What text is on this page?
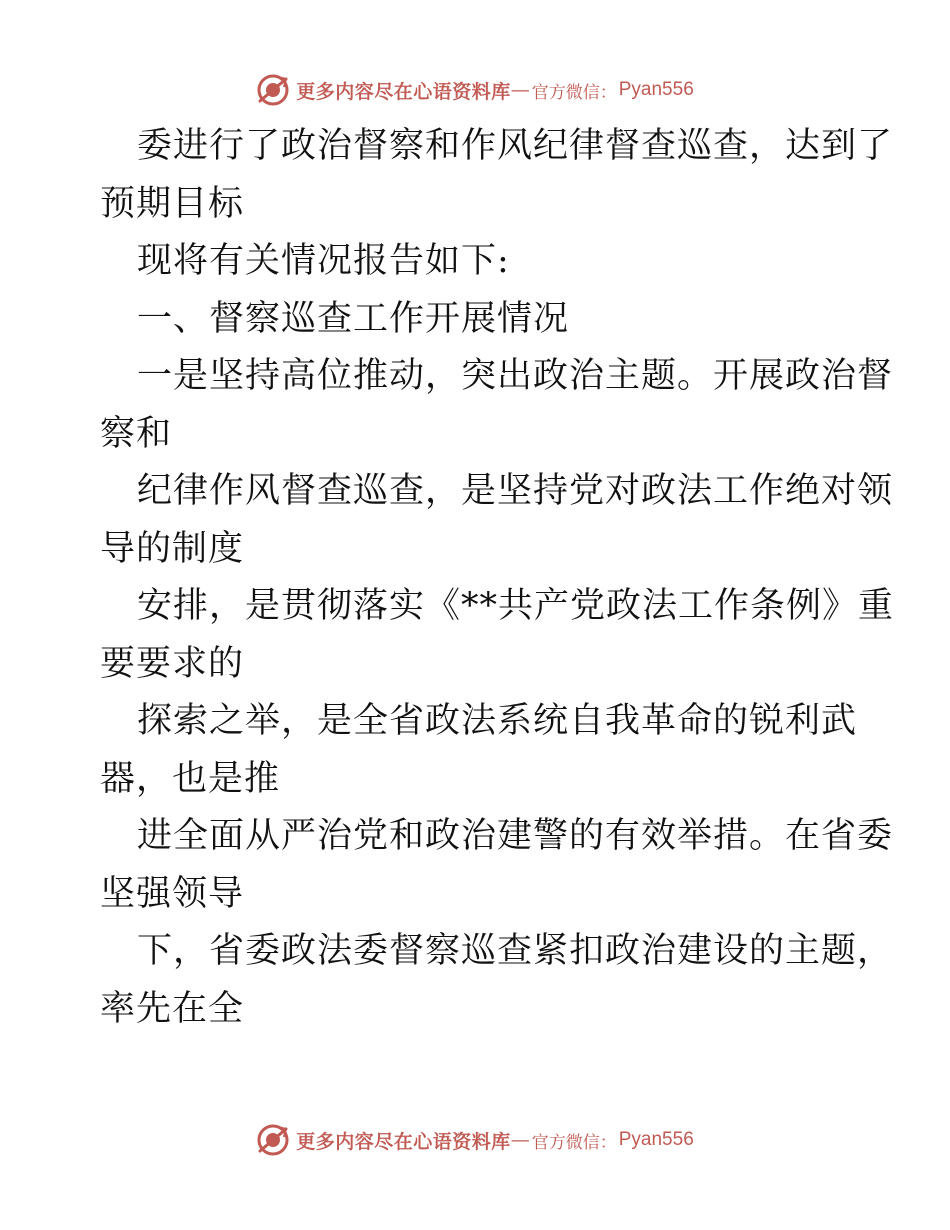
更多内容尽在心语资料库 — 官方微信： Pyan556
委进行了政治督察和作风纪律督查巡查，达到了
预期目标
现将有关情况报告如下:
一、督察巡查工作开展情况
一是坚持高位推动，突出政治主题。开展政治督
察和
纪律作风督查巡查，是坚持党对政法工作绝对领
导的制度
安排，是贯彻落实《**共产党政法工作条例》重
要要求的
探索之举，是全省政法系统自我革命的锐利武
器，也是推
进全面从严治党和政治建警的有效举措。在省委
坚强领导
下，省委政法委督察巡查紧扣政治建设的主题，
率先在全
更多内容尽在心语资料库 — 官方微信： Pyan556
